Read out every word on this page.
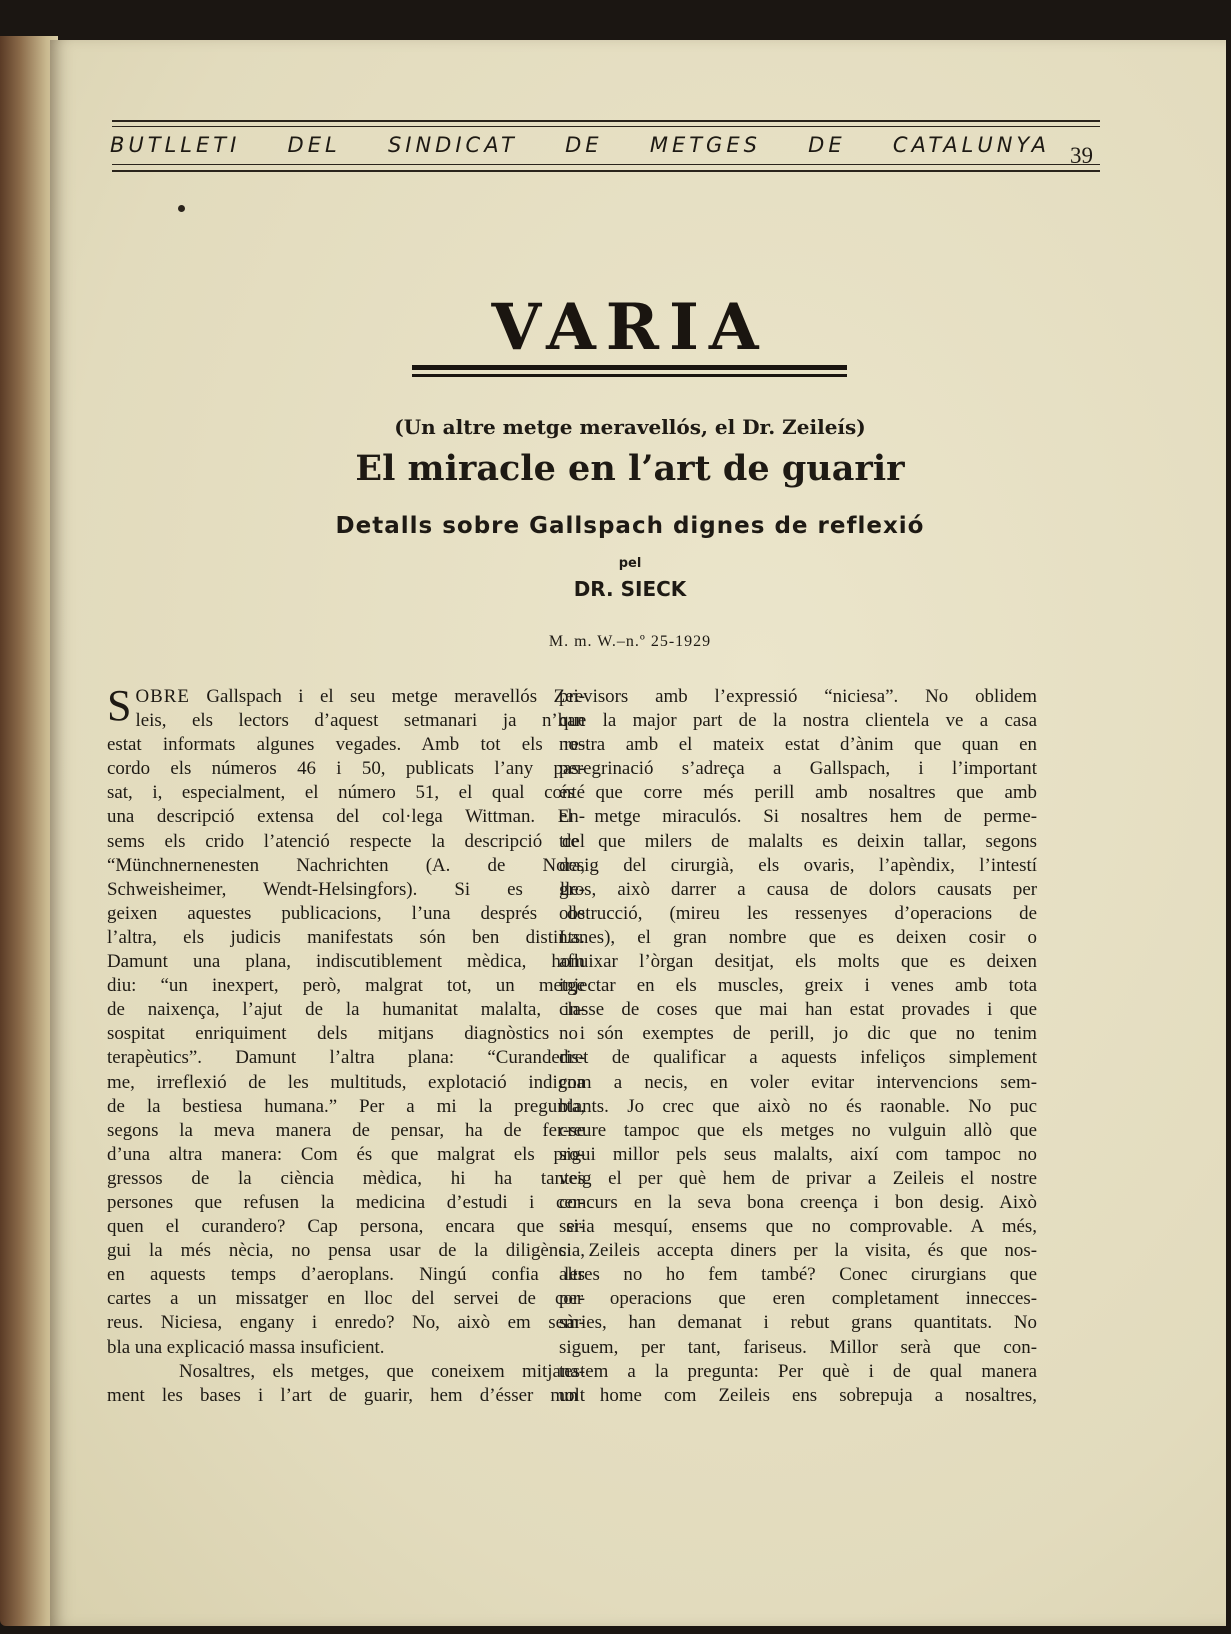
BUTLLETI DEL SINDICAT DE METGES DE CATALUNYA 39
VARIA
(Un altre metge meravellós, el Dr. Zeileís)
El miracle en l’art de guarir
Detalls sobre Gallspach dignes de reflexió
pel
DR. SIECK
M. m. W.–n.º 25-1929
SOBRE Gallspach i el seu metge meravellós Zei-
leis, els lectors d’aquest setmanari ja n’han
estat informats algunes vegades. Amb tot els re-
cordo els números 46 i 50, publicats l’any pas-
sat, i, especialment, el número 51, el qual conté
una descripció extensa del col·lega Wittman. En-
sems els crido l’atenció respecte la descripció del
“Münchnernenesten Nachrichten (A. de Nora,
Schweisheimer, Wendt-Helsingfors). Si es lle-
geixen aquestes publicacions, l’una després de
l’altra, els judicis manifestats són ben distints.
Damunt una plana, indiscutiblement mèdica, hom
diu: “un inexpert, però, malgrat tot, un metge
de naixença, l’ajut de la humanitat malalta, in-
sospitat enriquiment dels mitjans diagnòstics i
terapèutics”. Damunt l’altra plana: “Curanderis-
me, irreflexió de les multituds, explotació indigna
de la bestiesa humana.” Per a mi la pregunta,
segons la meva manera de pensar, ha de fer-se
d’una altra manera: Com és que malgrat els pro-
gressos de la ciència mèdica, hi ha tantes
persones que refusen la medicina d’estudi i cer-
quen el curandero? Cap persona, encara que si-
gui la més nècia, no pensa usar de la diligència,
en aquests temps d’aeroplans. Ningú confia les
cartes a un missatger en lloc del servei de cor-
reus. Niciesa, engany i enredo? No, això em sem-
bla una explicació massa insuficient.
Nosaltres, els metges, que coneixem mitjana-
ment les bases i l’art de guarir, hem d’ésser molt
previsors amb l’expressió “niciesa”. No oblidem
que la major part de la nostra clientela ve a casa
nostra amb el mateix estat d’ànim que quan en
peregrinació s’adreça a Gallspach, i l’important
és que corre més perill amb nosaltres que amb
el metge miraculós. Si nosaltres hem de perme-
tre que milers de malalts es deixin tallar, segons
desig del cirurgià, els ovaris, l’apèndix, l’intestí
gros, això darrer a causa de dolors causats per
obstrucció, (mireu les ressenyes d’operacions de
Lanes), el gran nombre que es deixen cosir o
afluixar l’òrgan desitjat, els molts que es deixen
injectar en els muscles, greix i venes amb tota
classe de coses que mai han estat provades i que
no són exemptes de perill, jo dic que no tenim
dret de qualificar a aquests infeliços simplement
com a necis, en voler evitar intervencions sem-
blants. Jo crec que això no és raonable. No puc
creure tampoc que els metges no vulguin allò que
sigui millor pels seus malalts, així com tampoc no
veig el per què hem de privar a Zeileis el nostre
concurs en la seva bona creença i bon desig. Això
seria mesquí, ensems que no comprovable. A més,
si Zeileis accepta diners per la visita, és que nos-
altres no ho fem també? Conec cirurgians que
per operacions que eren completament innecces-
sàries, han demanat i rebut grans quantitats. No
siguem, per tant, fariseus. Millor serà que con-
testem a la pregunta: Per què i de qual manera
un home com Zeileis ens sobrepuja a nosaltres,
